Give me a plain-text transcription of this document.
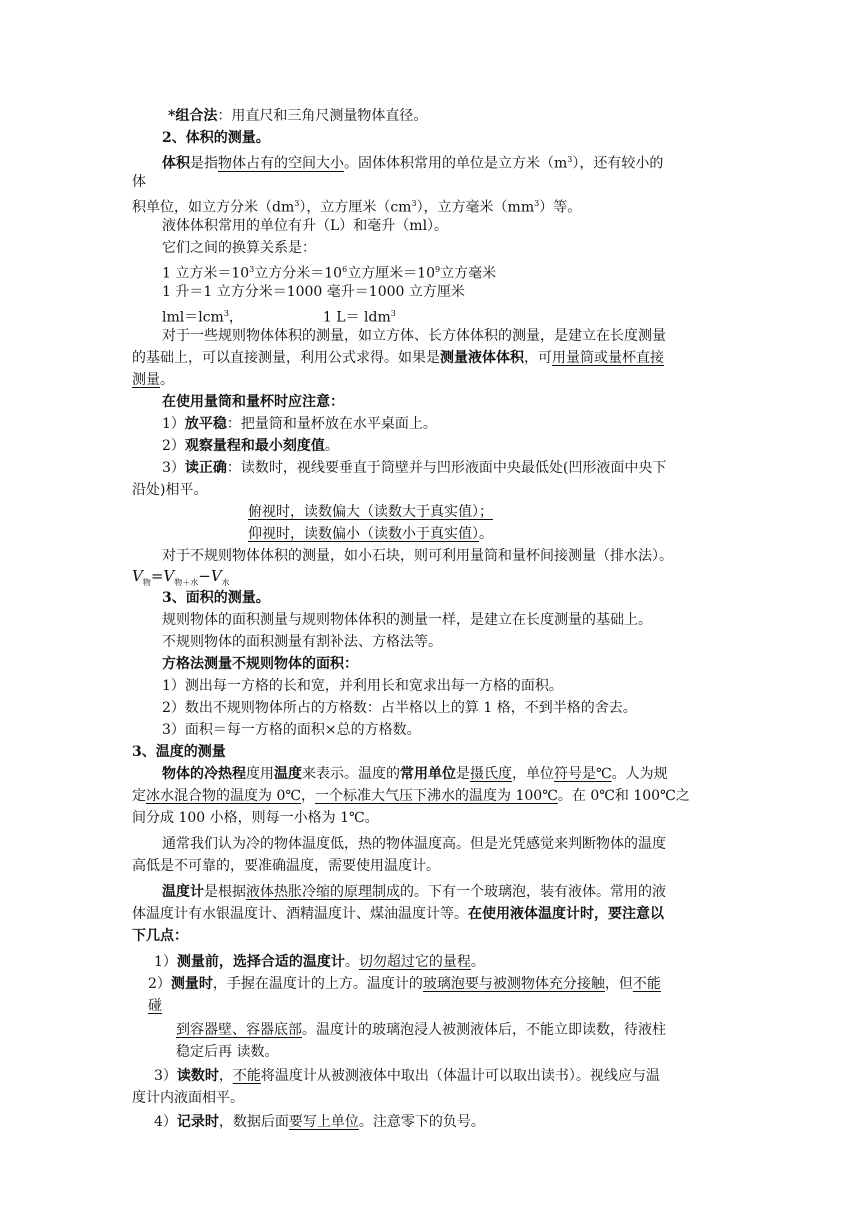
*组合法：用直尺和三角尺测量物体直径。
2、体积的测量。
体积是指物体占有的空间大小。固体体积常用的单位是立方米$(m^3)$，还有较小的
体
积单位，如立方分米$(dm^3)$，立方厘米$(cm^3)$，立方毫米$(mm^3)$等。
液体体积常用的单位有升（L）和毫升（ml）。
它们之间的换算关系是：
1 立方米$=10^3$立方分米$=10^6$立方厘米$=10^9$立方毫米
1 升＝1 立方分米＝1000 毫升＝1000 立方厘米
lml＝lcm$^3$，	1 L＝ ldm$^3$
对于一些规则物体体积的测量，如立方体、长方体体积的测量，是建立在长度测量
的基础上，可以直接测量，利用公式求得。如果是测量液体体积，可用量筒或量杯直接
测量。
在使用量筒和量杯时应注意：
1）放平稳：把量筒和量杯放在水平桌面上。
2）观察量程和最小刻度值。
3）读正确：读数时，视线要垂直于筒壁并与凹形液面中央最低处(凹形液面中央下
沿处)相平。
俯视时，读数偏大（读数大于真实值）；
仰视时，读数偏小（读数小于真实值）。
对于不规则物体体积的测量，如小石块，则可利用量筒和量杯间接测量（排水法）。
$V_物=V_{物+水}-V_水$
3、面积的测量。
规则物体的面积测量与规则物体体积的测量一样，是建立在长度测量的基础上。
不规则物体的面积测量有割补法、方格法等。
方格法测量不规则物体的面积：
1）测出每一方格的长和宽，并利用长和宽求出每一方格的面积。
2）数出不规则物体所占的方格数：占半格以上的算 1 格，不到半格的舍去。
3）面积＝每一方格的面积×总的方格数。
3、温度的测量
物体的冷热程度用温度来表示。温度的常用单位是摄氏度，单位符号是℃。人为规
定冰水混合物的温度为 0℃，一个标准大气压下沸水的温度为 100℃。在 0℃和 100℃之
间分成 100 小格，则每一小格为 1℃。
通常我们认为冷的物体温度低，热的物体温度高。但是光凭感觉来判断物体的温度
高低是不可靠的，要准确温度，需要使用温度计。
温度计是根据液体热胀冷缩的原理制成的。下有一个玻璃泡，装有液体。常用的液
体温度计有水银温度计、酒精温度计、煤油温度计等。在使用液体温度计时，要注意以
下几点：
1）测量前，选择合适的温度计。切勿超过它的量程。
2）测量时，手握在温度计的上方。温度计的玻璃泡要与被测物体充分接触，但不能
碰
到容器壁、容器底部。温度计的玻璃泡浸人被测液体后，不能立即读数，待液柱
稳定后再 读数。
3）读数时，不能将温度计从被测液体中取出（体温计可以取出读书）。视线应与温
度计内液面相平。
4）记录时，数据后面要写上单位。注意零下的负号。
